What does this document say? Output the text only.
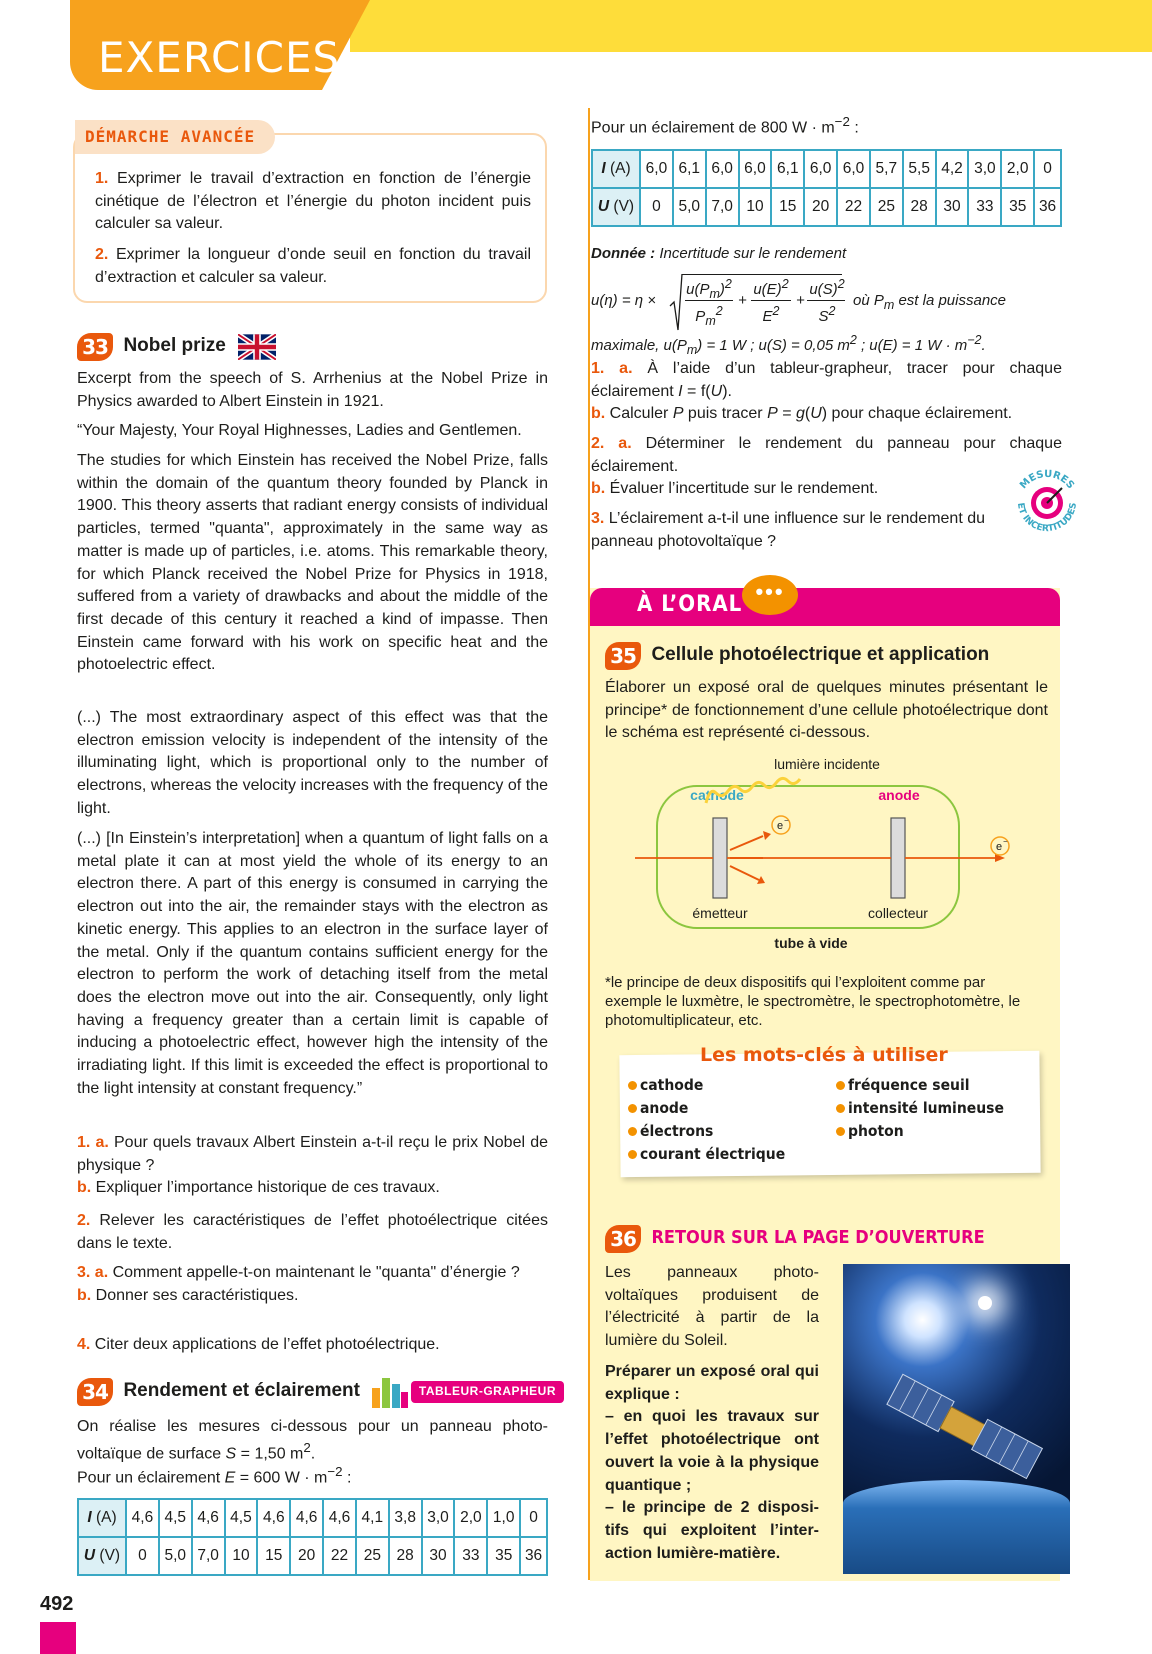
EXERCICES
DÉMARCHE AVANCÉE
1. Exprimer le travail d’extraction en fonction de l’énergie cinétique de l’électron et l’énergie du photon incident puis calculer sa valeur.
2. Exprimer la longueur d’onde seuil en fonction du travail d’extraction et calculer sa valeur.
33 Nobel prize
Excerpt from the speech of S. Arrhenius at the Nobel Prize in Physics awarded to Albert Einstein in 1921.
“Your Majesty, Your Royal Highnesses, Ladies and Gentlemen.
The studies for which Einstein has received the Nobel Prize, falls within the domain of the quantum theory founded by Planck in 1900. This theory asserts that radiant energy consists of individual particles, termed "quanta", approximately in the same way as matter is made up of particles, i.e. atoms. This remarkable theory, for which Planck received the Nobel Prize for Physics in 1918, suffered from a variety of drawbacks and about the middle of the first decade of this century it reached a kind of impasse. Then Einstein came forward with his work on specific heat and the photoelectric effect.
(...) The most extraordinary aspect of this effect was that the electron emission velocity is independent of the intensity of the illuminating light, which is proportional only to the number of electrons, whereas the velocity increases with the frequency of the light.
(...) [In Einstein’s interpretation] when a quantum of light falls on a metal plate it can at most yield the whole of its energy to an electron there. A part of this energy is consumed in carrying the electron out into the air, the remainder stays with the electron as kinetic energy. This applies to an electron in the surface layer of the metal. Only if the quantum contains sufficient energy for the electron to perform the work of detaching itself from the metal does the electron move out into the air. Consequently, only light having a frequency greater than a certain limit is capable of inducing a photoelectric effect, however high the intensity of the irradiating light. If this limit is exceeded the effect is proportional to the light intensity at constant frequency.”
1. a. Pour quels travaux Albert Einstein a-t-il reçu le prix Nobel de physique ?
b. Expliquer l’importance historique de ces travaux.
2. Relever les caractéristiques de l’effet photoélectrique citées dans le texte.
3. a. Comment appelle-t-on maintenant le "quanta" d’énergie ?
b. Donner ses caractéristiques.
4. Citer deux applications de l’effet photoélectrique.
34 Rendement et éclairement	TABLEUR-GRAPHEUR
On réalise les mesures ci-dessous pour un panneau photovoltaïque de surface S = 1,50 $m^2$.
Pour un éclairement E = 600 $W \cdot m^{-2}$ :
I (A)	4,6	4,5	4,6	4,5	4,6	4,6	4,6	4,1	3,8	3,0	2,0	1,0	0
U (V)	0	5,0	7,0	10	15	20	22	25	28	30	33	35	36
Pour un éclairement de 800 $W \cdot m^{-2}$ :
I (A)	6,0	6,1	6,0	6,0	6,1	6,0	6,0	5,7	5,5	4,2	3,0	2,0	0
U (V)	0	5,0	7,0	10	15	20	22	25	28	30	33	35	36
Donnée : Incertitude sur le rendement
u(η) = η ×
$u(P_m)^2$
$P_m^2$
+
$u(E)^2$
$E^2$
+
$u(S)^2$
$S^2$
où $P_m$ est la puissance
maximale, $u(P_m) = 1$ W ; u(S) = 0,05 $m^2$ ; u(E) = 1 $W \cdot m^{-2}$.
1. a. À l’aide d’un tableur-grapheur, tracer pour chaque éclairement I = f(U).
b. Calculer P puis tracer P = g(U) pour chaque éclairement.
2. a. Déterminer le rendement du panneau pour chaque éclairement.
b. Évaluer l’incertitude sur le rendement.
3. L’éclairement a-t-il une influence sur le rendement du panneau photovoltaïque ?
MESURES
ET INCERTITUDES
À L’ORAL
•••
35 Cellule photoélectrique et application
Élaborer un exposé oral de quelques minutes présentant le principe* de fonctionnement d’une cellule photoélectrique dont le schéma est représenté ci-dessous.
lumière incidente
cathode	anode
e −
e −
émetteur	collecteur
tube à vide
*le principe de deux dispositifs qui l’exploitent comme par exemple le luxmètre, le spectromètre, le spectrophotomètre, le photomultiplicateur, etc.
Les mots-clés à utiliser
cathode
anode
électrons
courant électrique
fréquence seuil
intensité lumineuse
photon
36 RETOUR SUR LA PAGE D’OUVERTURE
Les panneaux photovoltaïques produisent de l’électricité à partir de la lumière du Soleil.
Préparer un exposé oral qui explique :
– en quoi les travaux sur l’effet photoélectrique ont ouvert la voie à la physique quantique ;
– le principe de 2 dispositifs qui exploitent l’interaction lumière-matière.
492
